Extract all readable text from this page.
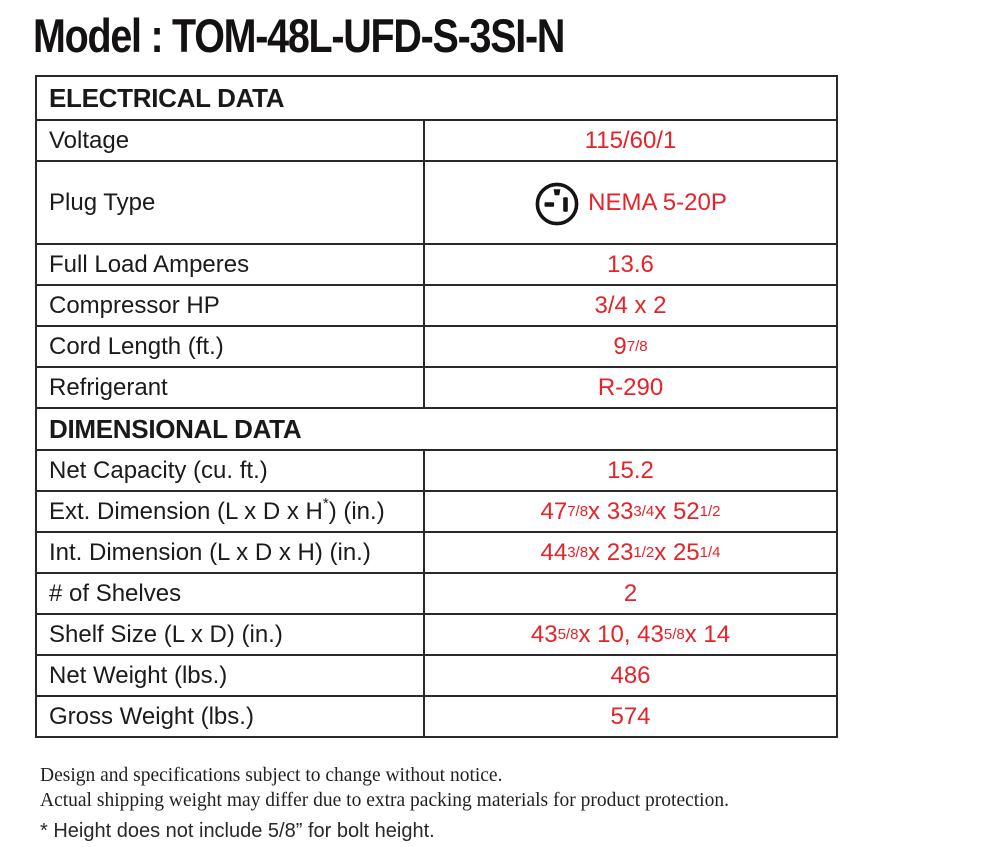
Model : TOM-48L-UFD-S-3SI-N
ELECTRICAL DATA
Voltage	115/60/1
Plug Type	NEMA 5-20P
Full Load Amperes	13.6
Compressor HP	3/4 x 2
Cord Length (ft.)	9 7/8
Refrigerant	R-290
DIMENSIONAL DATA
Net Capacity (cu. ft.)	15.2
Ext. Dimension (L x D x H * ) (in.)	47 7/8 x 33 3/4 x 52 1/2
Int. Dimension (L x D x H) (in.)	44 3/8 x 23 1/2 x 25 1/4
# of Shelves	2
Shelf Size (L x D) (in.)	43 5/8 x 10, 43 5/8 x 14
Net Weight (lbs.)	486
Gross Weight (lbs.)	574
Design and specifications subject to change without notice.
Actual shipping weight may differ due to extra packing materials for product protection.
* Height does not include 5/8” for bolt height.
